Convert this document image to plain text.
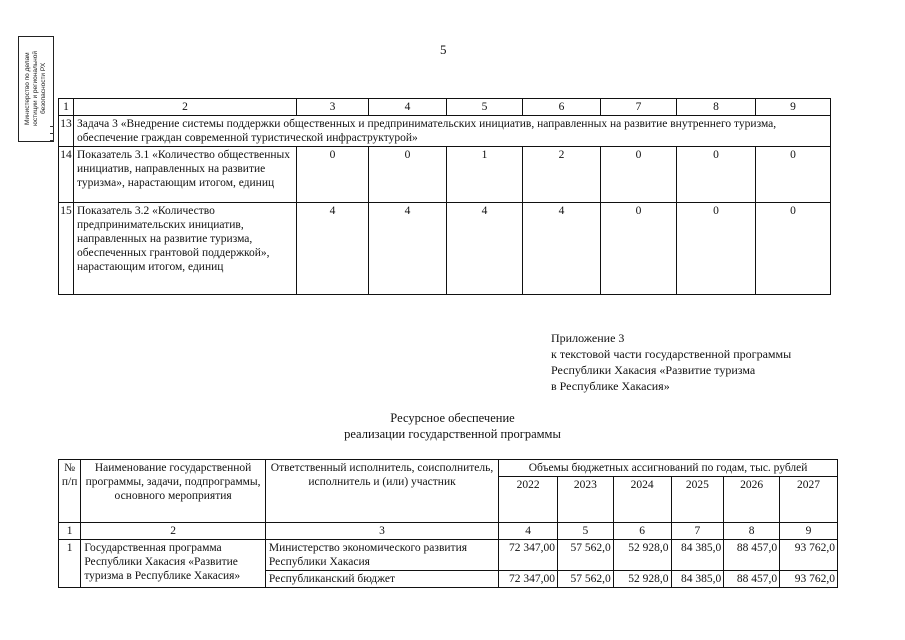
Министерство по делам
юстиции и региональной
безопасности РХ
5
1	2	3	4	5	6	7	8	9
13	Задача 3 «Внедрение системы поддержки общественных и предпринимательских инициатив, направленных на развитие внутреннего туризма, обеспечение граждан современной туристической инфраструктурой»							
14	Показатель 3.1 «Количество общественных инициатив, направленных на развитие туризма», нарастающим итогом, единиц	0	0	1	2	0	0	0
15	Показатель 3.2 «Количество предпринимательских инициатив, направленных на развитие туризма, обеспеченных грантовой поддержкой», нарастающим итогом, единиц	4	4	4	4	0	0	0
Приложение 3
к текстовой части государственной программы
Республики Хакасия «Развитие туризма
в Республике Хакасия»
Ресурсное обеспечение
реализации государственной программы
№ п/п	Наименование государственной программы, задачи, подпрограммы, основного мероприятия	Ответственный исполнитель, соисполнитель, исполнитель и (или) участник	Объемы бюджетных ассигнований по годам, тыс. рублей					
			2022	2023	2024	2025	2026	2027
1	2	3	4	5	6	7	8	9
1	Государственная программа Республики Хакасия «Развитие туризма в Республике Хакасия»	Министерство экономического развития Республики Хакасия	72 347,00	57 562,0	52 928,0	84 385,0	88 457,0	93 762,0
		Республиканский бюджет	72 347,00	57 562,0	52 928,0	84 385,0	88 457,0	93 762,0
